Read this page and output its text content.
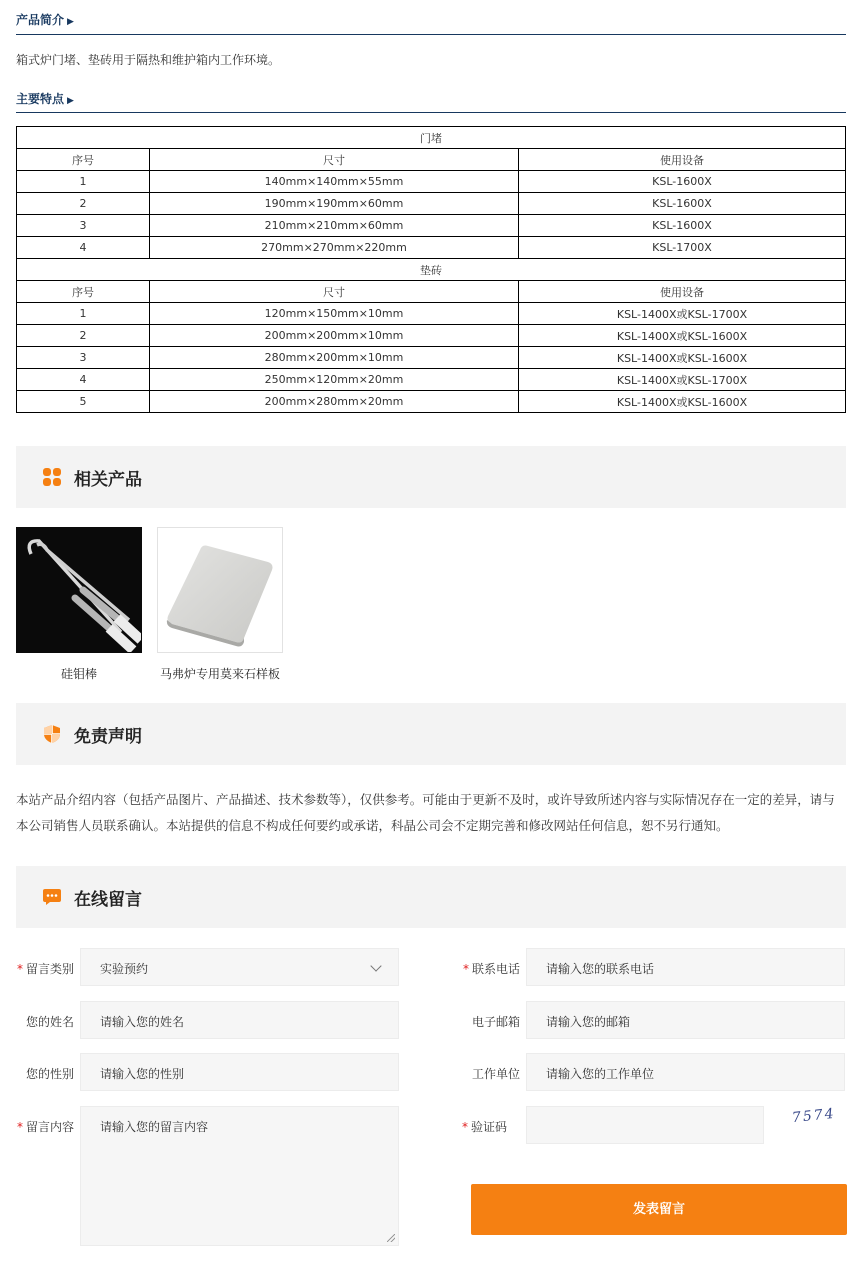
产品简介 ▶
箱式炉门堵、垫砖用于隔热和维护箱内工作环境。
主要特点 ▶
门堵		
序号	尺寸	使用设备
1	140mm×140mm×55mm	KSL-1600X
2	190mm×190mm×60mm	KSL-1600X
3	210mm×210mm×60mm	KSL-1600X
4	270mm×270mm×220mm	KSL-1700X
垫砖		
序号	尺寸	使用设备
1	120mm×150mm×10mm	KSL-1400X或KSL-1700X
2	200mm×200mm×10mm	KSL-1400X或KSL-1600X
3	280mm×200mm×10mm	KSL-1400X或KSL-1600X
4	250mm×120mm×20mm	KSL-1400X或KSL-1700X
5	200mm×280mm×20mm	KSL-1400X或KSL-1600X
相关产品
硅钼棒	马弗炉专用莫来石样板
免责声明
本站产品介绍内容（包括产品图片、产品描述、技术参数等），仅供参考。可能由于更新不及时，或许导致所述内容与实际情况存在一定的差异，请与本公司销售人员联系确认。本站提供的信息不构成任何要约或承诺，科晶公司会不定期完善和修改网站任何信息，恕不另行通知。
在线留言
* 留言类别	实验预约
您的姓名	请输入您的姓名
您的性别	请输入您的性别
* 留言内容	请输入您的留言内容
* 联系电话	请输入您的联系电话
电子邮箱	请输入您的邮箱
工作单位	请输入您的工作单位
* 验证码
7574
发表留言
